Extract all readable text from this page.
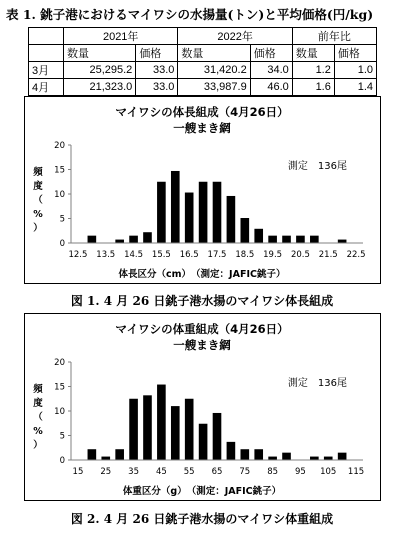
表 1. 銚子港におけるマイワシの水揚量(トン)と平均価格(円/kg)
	2021年		2022年		前年比	
	数量	価格	数量	価格	数量	価格
3月	25,295.2	33.0	31,420.2	34.0	1.2	1.0
4月	21,323.0	33.0	33,987.9	46.0	1.6	1.4
マイワシの体長組成（4月26日）
一艘まき網
測定　136尾
頻度（%）
0
5
10
15
20
12.5 13.5 14.5 15.5 16.5 17.5 18.5 19.5 20.5 21.5 22.5
体長区分（cm）　（測定：JAFIC銚子）
図 1. 4 月 26 日銚子港水揚のマイワシ体長組成
マイワシの体重組成（4月26日）
一艘まき網
測定　136尾
頻度（%）
0
5
10
15
20
15 25 35 45 55 65 75 85 95 105 115
体重区分（g）　（測定：JAFIC銚子）
図 2. 4 月 26 日銚子港水揚のマイワシ体重組成
